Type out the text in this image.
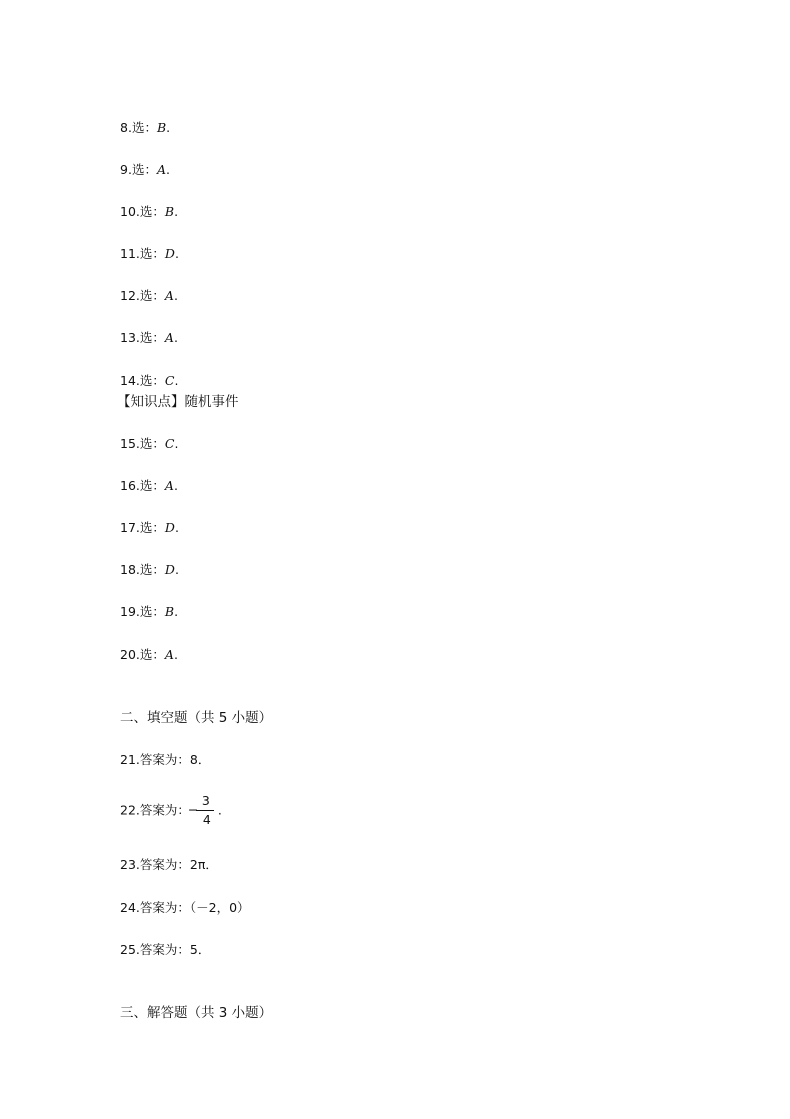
8.选：B.
9.选：A.
10.选：B.
11.选：D.
12.选：A.
13.选：A.
14.选：C.
【知识点】随机事件
15.选：C.
16.选：A.
17.选：D.
18.选：D.
19.选：B.
20.选：A.
二、填空题（共 5 小题）
21.答案为：8．
22.答案为：
−
3
4
.
23.答案为：2π．
24.答案为：（－2，0）
25.答案为：5．
三、解答题（共 3 小题）
